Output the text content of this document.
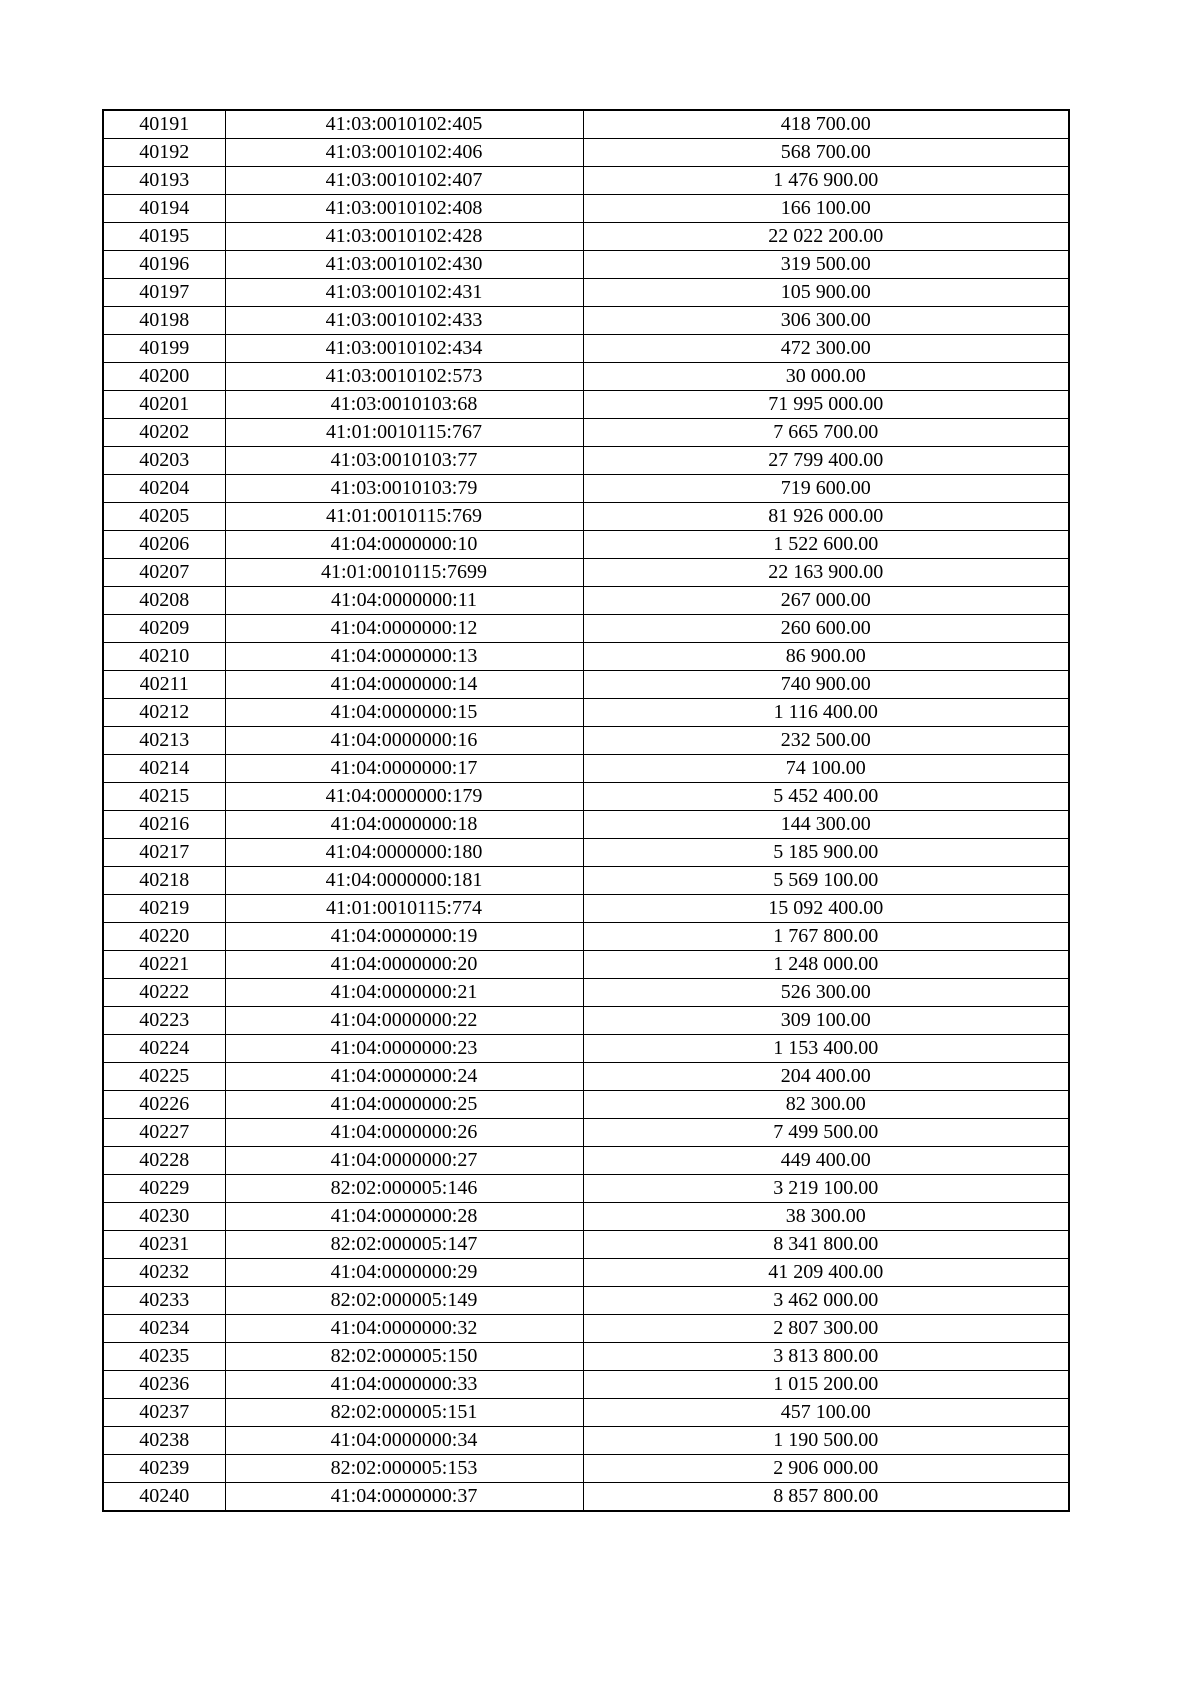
40191	41:03:0010102:405	418 700.00
40192	41:03:0010102:406	568 700.00
40193	41:03:0010102:407	1 476 900.00
40194	41:03:0010102:408	166 100.00
40195	41:03:0010102:428	22 022 200.00
40196	41:03:0010102:430	319 500.00
40197	41:03:0010102:431	105 900.00
40198	41:03:0010102:433	306 300.00
40199	41:03:0010102:434	472 300.00
40200	41:03:0010102:573	30 000.00
40201	41:03:0010103:68	71 995 000.00
40202	41:01:0010115:767	7 665 700.00
40203	41:03:0010103:77	27 799 400.00
40204	41:03:0010103:79	719 600.00
40205	41:01:0010115:769	81 926 000.00
40206	41:04:0000000:10	1 522 600.00
40207	41:01:0010115:7699	22 163 900.00
40208	41:04:0000000:11	267 000.00
40209	41:04:0000000:12	260 600.00
40210	41:04:0000000:13	86 900.00
40211	41:04:0000000:14	740 900.00
40212	41:04:0000000:15	1 116 400.00
40213	41:04:0000000:16	232 500.00
40214	41:04:0000000:17	74 100.00
40215	41:04:0000000:179	5 452 400.00
40216	41:04:0000000:18	144 300.00
40217	41:04:0000000:180	5 185 900.00
40218	41:04:0000000:181	5 569 100.00
40219	41:01:0010115:774	15 092 400.00
40220	41:04:0000000:19	1 767 800.00
40221	41:04:0000000:20	1 248 000.00
40222	41:04:0000000:21	526 300.00
40223	41:04:0000000:22	309 100.00
40224	41:04:0000000:23	1 153 400.00
40225	41:04:0000000:24	204 400.00
40226	41:04:0000000:25	82 300.00
40227	41:04:0000000:26	7 499 500.00
40228	41:04:0000000:27	449 400.00
40229	82:02:000005:146	3 219 100.00
40230	41:04:0000000:28	38 300.00
40231	82:02:000005:147	8 341 800.00
40232	41:04:0000000:29	41 209 400.00
40233	82:02:000005:149	3 462 000.00
40234	41:04:0000000:32	2 807 300.00
40235	82:02:000005:150	3 813 800.00
40236	41:04:0000000:33	1 015 200.00
40237	82:02:000005:151	457 100.00
40238	41:04:0000000:34	1 190 500.00
40239	82:02:000005:153	2 906 000.00
40240	41:04:0000000:37	8 857 800.00
